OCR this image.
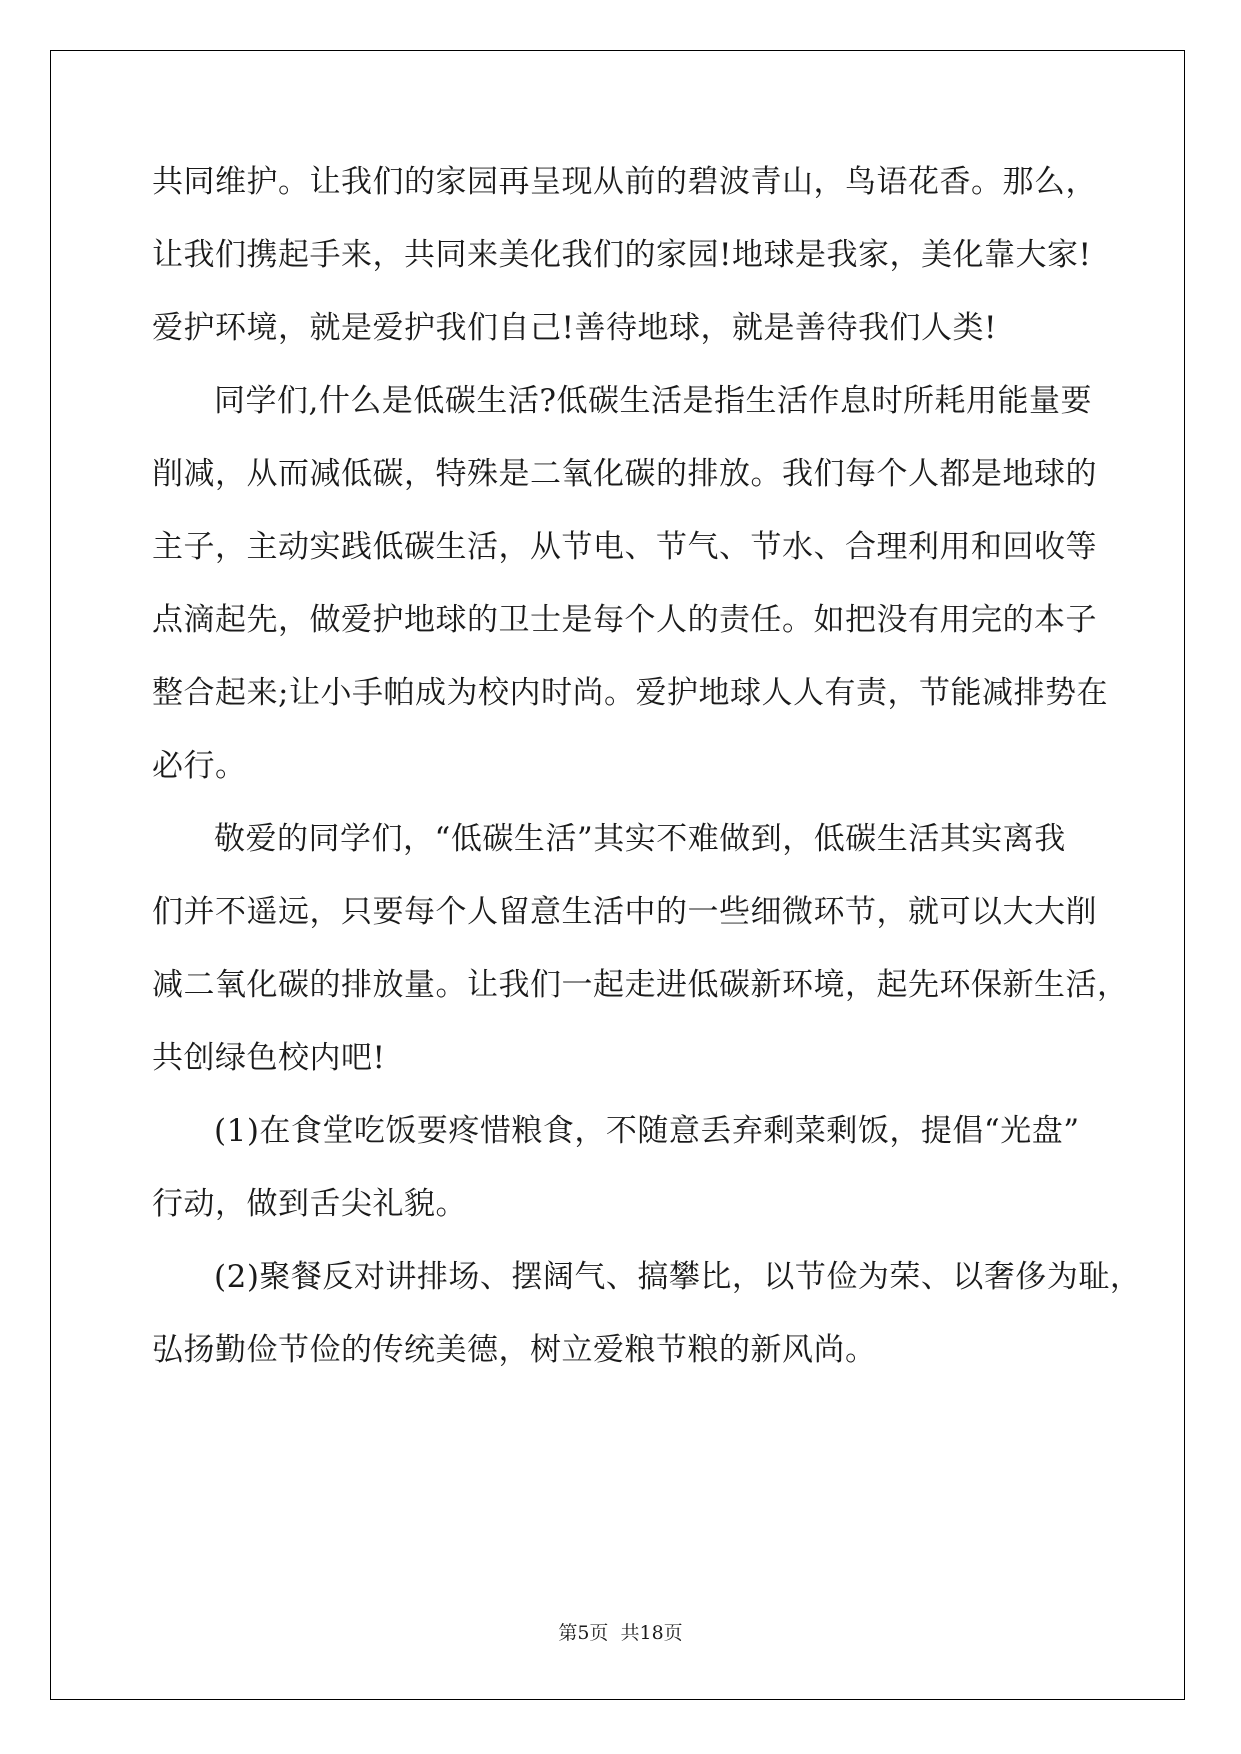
共同维护。让我们的家园再呈现从前的碧波青山，鸟语花香。那么，
让我们携起手来，共同来美化我们的家园!地球是我家，美化靠大家!
爱护环境，就是爱护我们自己!善待地球，就是善待我们人类!
同学们,什么是低碳生活?低碳生活是指生活作息时所耗用能量要
削减，从而减低碳，特殊是二氧化碳的排放。我们每个人都是地球的
主子，主动实践低碳生活，从节电、节气、节水、合理利用和回收等
点滴起先，做爱护地球的卫士是每个人的责任。如把没有用完的本子
整合起来;让小手帕成为校内时尚。爱护地球人人有责，节能减排势在
必行。
敬爱的同学们，“低碳生活”其实不难做到，低碳生活其实离我
们并不遥远，只要每个人留意生活中的一些细微环节，就可以大大削
减二氧化碳的排放量。让我们一起走进低碳新环境，起先环保新生活，
共创绿色校内吧!
(1)在食堂吃饭要疼惜粮食，不随意丢弃剩菜剩饭，提倡“光盘”
行动，做到舌尖礼貌。
(2)聚餐反对讲排场、摆阔气、搞攀比，以节俭为荣、以奢侈为耻，
弘扬勤俭节俭的传统美德，树立爱粮节粮的新风尚。
第5页  共18页
